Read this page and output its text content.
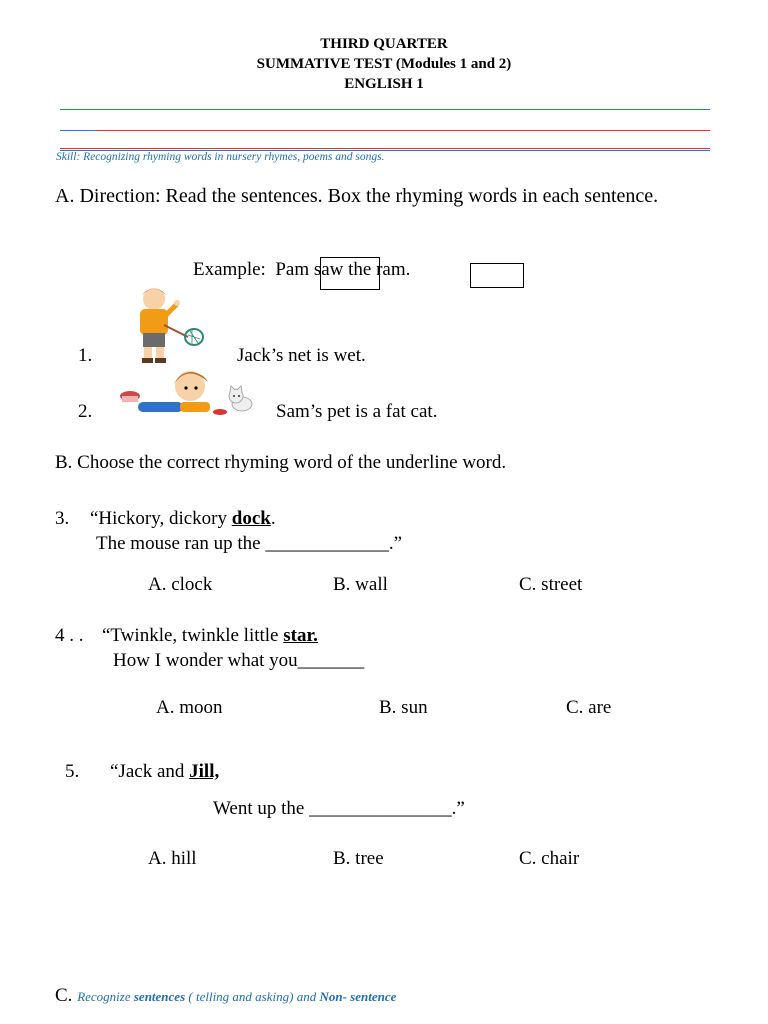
THIRD QUARTER
SUMMATIVE TEST (Modules 1 and 2)
ENGLISH 1
Skill: Recognizing rhyming words in nursery rhymes, poems and songs.
A. Direction: Read the sentences. Box the rhyming words in each sentence.
Example: Pam saw the ram.
1.	Jack’s net is wet.
2.	Sam’s pet is a fat cat.
B. Choose the correct rhyming word of the underline word.
3. “Hickory, dickory dock.
The mouse ran up the _____________.”
A. clock	B. wall	C. street
4 . . “Twinkle, twinkle little star.
How I wonder what you_______
A. moon	B. sun	C. are
5. “Jack and Jill,
Went up the _______________.”
A. hill	B. tree	C. chair
C. Recognize sentences ( telling and asking) and Non- sentence
